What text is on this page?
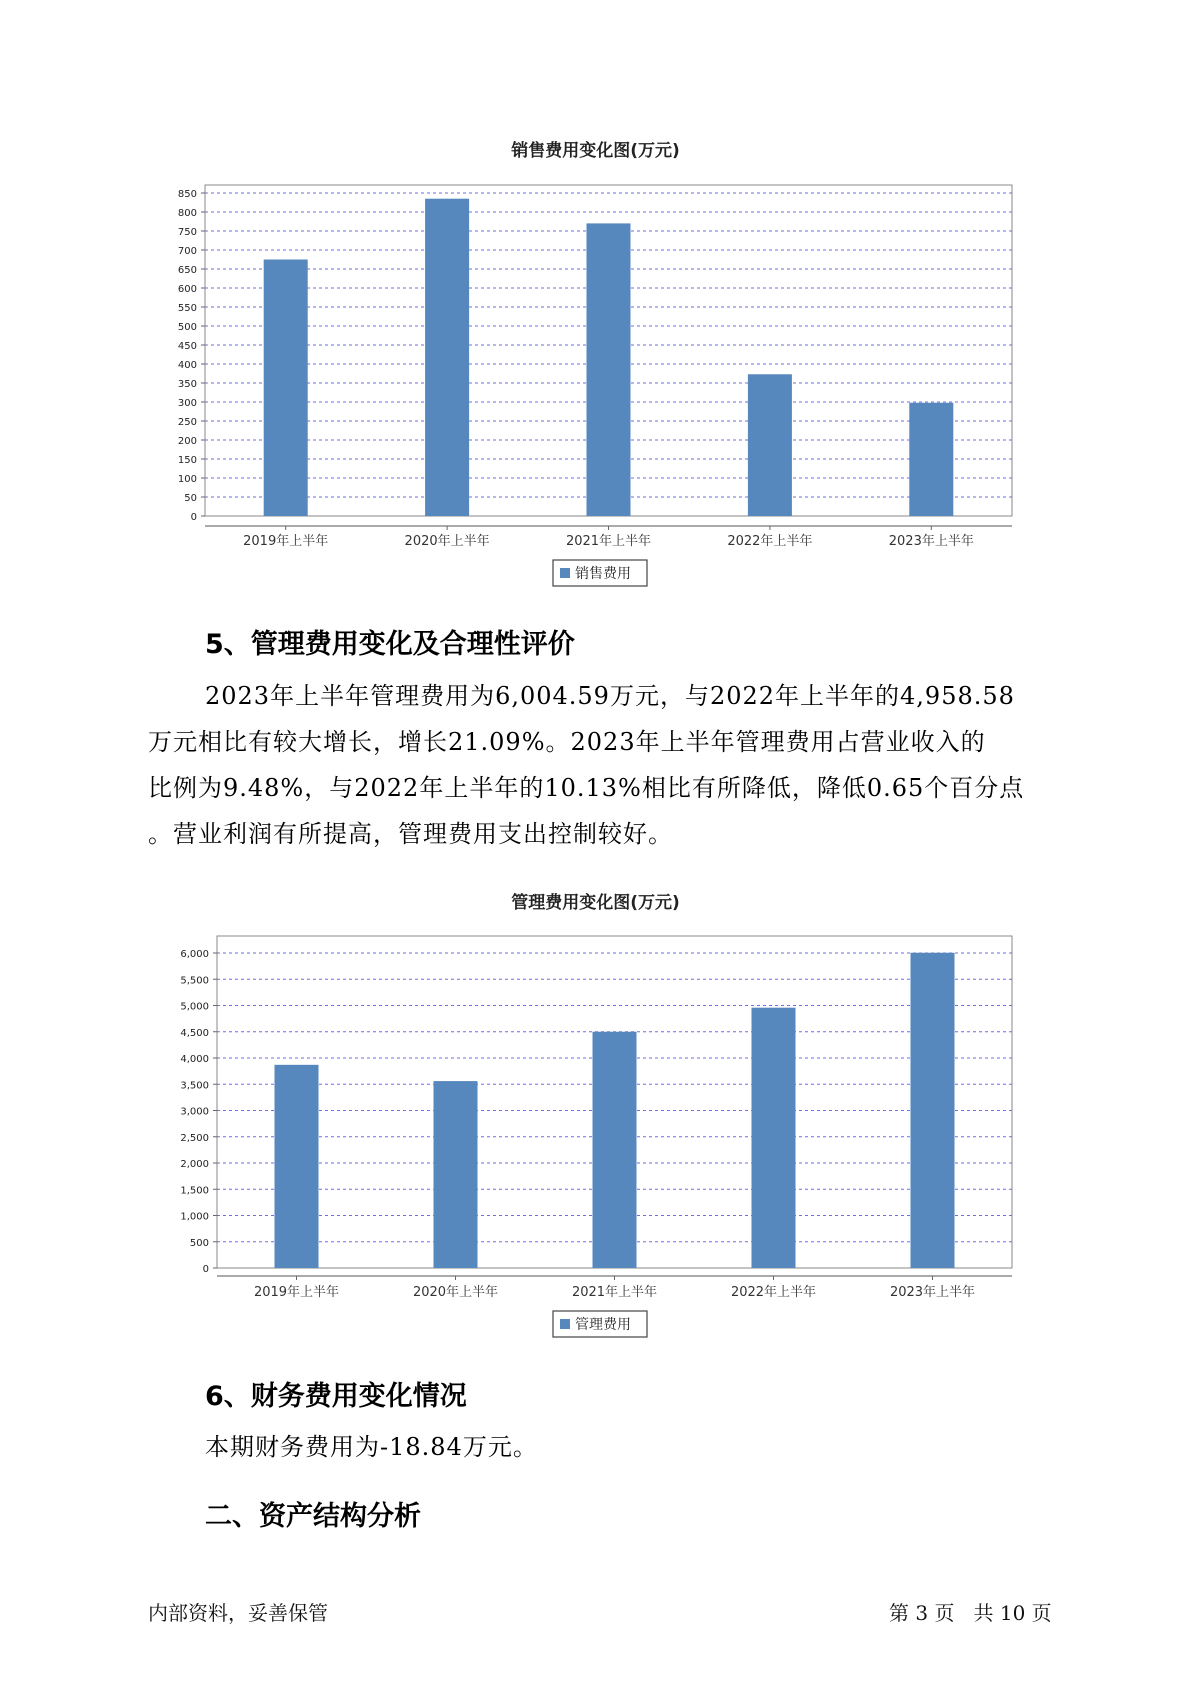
销售费用变化图(万元)
0
50
100
150
200
250
300
350
400
450
500
550
600
650
700
750
800
850
2019年上半年	2020年上半年	2021年上半年	2022年上半年	2023年上半年
销售费用
5、管理费用变化及合理性评价
2023年上半年管理费用为6,004.59万元，与2022年上半年的4,958.58
万元相比有较大增长，增长21.09%。2023年上半年管理费用占营业收入的
比例为9.48%，与2022年上半年的10.13%相比有所降低，降低0.65个百分点
。营业利润有所提高，管理费用支出控制较好。
管理费用变化图(万元)
0
500
1,000
1,500
2,000
2,500
3,000
3,500
4,000
4,500
5,000
5,500
6,000
2019年上半年	2020年上半年	2021年上半年	2022年上半年	2023年上半年
管理费用
6、财务费用变化情况
本期财务费用为-18.84万元。
二、资产结构分析
内部资料，妥善保管	第 3 页   共 10 页
